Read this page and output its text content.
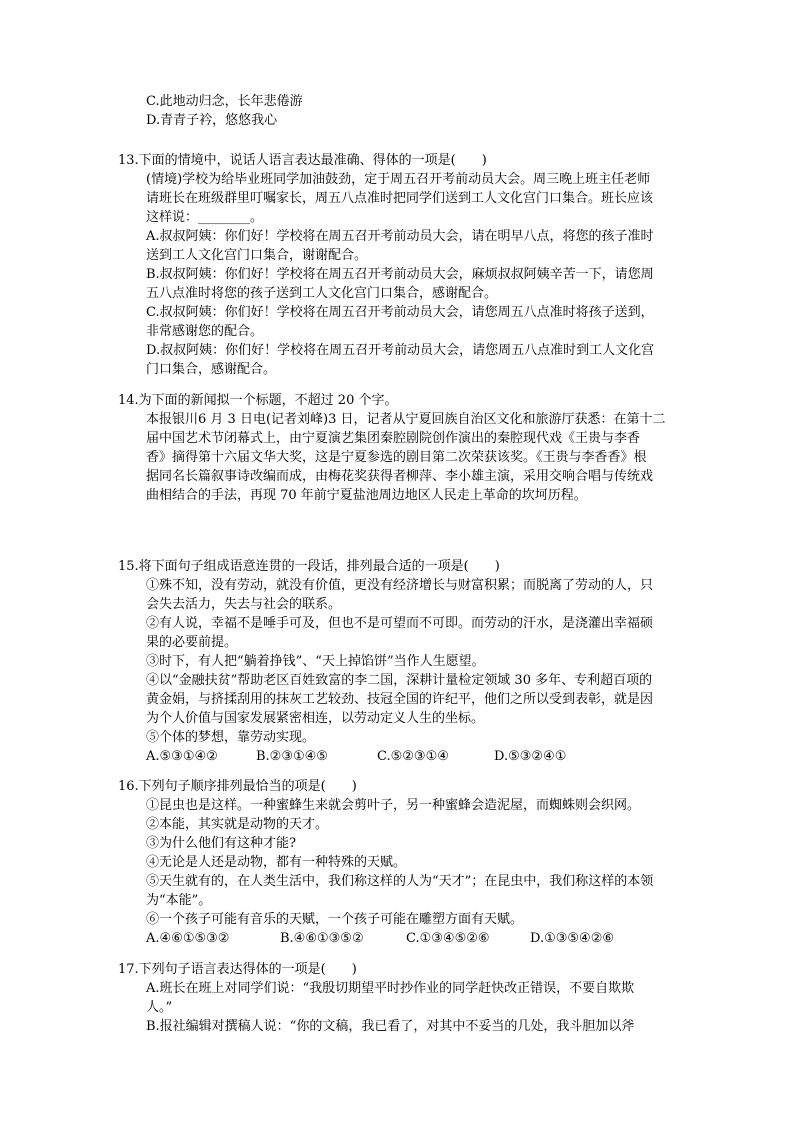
C.此地动归念，长年悲倦游
D.青青子衿，悠悠我心
13.下面的情境中，说话人语言表达最准确、得体的一项是(　　)
(情境)学校为给毕业班同学加油鼓劲，定于周五召开考前动员大会。周三晚上班主任老师
请班长在班级群里叮嘱家长，周五八点准时把同学们送到工人文化宫门口集合。班长应该
这样说：________。
A.叔叔阿姨：你们好！学校将在周五召开考前动员大会，请在明早八点，将您的孩子准时
送到工人文化宫门口集合，谢谢配合。
B.叔叔阿姨：你们好！学校将在周五召开考前动员大会，麻烦叔叔阿姨辛苦一下，请您周
五八点准时将您的孩子送到工人文化宫门口集合，感谢配合。
C.叔叔阿姨：你们好！学校将在周五召开考前动员大会，请您周五八点准时将孩子送到，
非常感谢您的配合。
D.叔叔阿姨：你们好！学校将在周五召开考前动员大会，请您周五八点准时到工人文化宫
门口集合，感谢配合。
14.为下面的新闻拟一个标题，不超过 20 个字。
本报银川6 月 3 日电(记者刘峰)3 日，记者从宁夏回族自治区文化和旅游厅获悉：在第十二
届中国艺术节闭幕式上，由宁夏演艺集团秦腔剧院创作演出的秦腔现代戏《王贵与李香
香》摘得第十六届文华大奖，这是宁夏参选的剧目第二次荣获该奖。《王贵与李香香》根
据同名长篇叙事诗改编而成，由梅花奖获得者柳萍、李小雄主演，采用交响合唱与传统戏
曲相结合的手法，再现 70 年前宁夏盐池周边地区人民走上革命的坎坷历程。
15.将下面句子组成语意连贯的一段话，排列最合适的一项是(　　)
①殊不知，没有劳动，就没有价值，更没有经济增长与财富积累；而脱离了劳动的人，只
会失去活力，失去与社会的联系。
②有人说，幸福不是唾手可及，但也不是可望而不可即。而劳动的汗水，是浇灌出幸福硕
果的必要前提。
③时下，有人把“躺着挣钱”、“天上掉馅饼”当作人生愿望。
④以“金融扶贫”帮助老区百姓致富的李二国，深耕计量检定领域 30 多年、专利超百项的
黄金娟，与挤揉刮用的抹灰工艺较劲、技冠全国的许纪平，他们之所以受到表彰，就是因
为个人价值与国家发展紧密相连，以劳动定义人生的坐标。
⑤个体的梦想，靠劳动实现。
A.⑤③①④②	B.②③①④⑤	C.⑤②③①④	D.⑤③②④①
16.下列句子顺序排列最恰当的项是(　　)
①昆虫也是这样。一种蜜蜂生来就会剪叶子，另一种蜜蜂会造泥屋，而蜘蛛则会织网。
②本能，其实就是动物的天才。
③为什么他们有这种才能?
④无论是人还是动物，都有一种特殊的天赋。
⑤天生就有的，在人类生活中，我们称这样的人为“天才”；在昆虫中，我们称这样的本领
为“本能”。
⑥一个孩子可能有音乐的天赋，一个孩子可能在雕塑方面有天赋。
A.④⑥①⑤③②	B.④⑥①③⑤②	C.①③④⑤②⑥	D.①③⑤④②⑥
17.下列句子语言表达得体的一项是(　　)
A.班长在班上对同学们说：“我殷切期望平时抄作业的同学赶快改正错误，不要自欺欺
人。”
B.报社编辑对撰稿人说：“你的文稿，我已看了，对其中不妥当的几处，我斗胆加以斧
